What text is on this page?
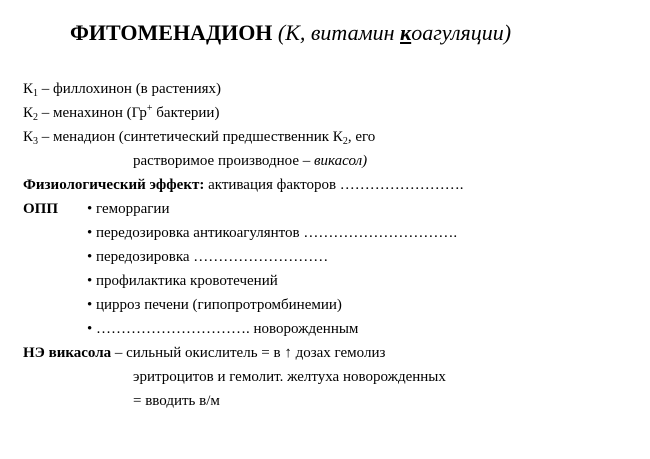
ФИТОМЕНАДИОН (К, витамин коагуляции)
$К_1$ – филлохинон (в растениях)
$К_2$ – менахинон (Гр+ бактерии)
$К_3$ – менадион (синтетический предшественник $К_2$, его
растворимое производное – викасол)
Физиологический эффект: активация факторов …………………….
ОПП • геморрагии
• передозировка антикоагулянтов ………………………….
• передозировка ………………………
• профилактика кровотечений
• цирроз печени (гипопротромбинемии)
• …………………………. новорожденным
НЭ викасола – сильный окислитель = в ↑ дозах гемолиз
эритроцитов и гемолит. желтуха новорожденных
= вводить в/м
